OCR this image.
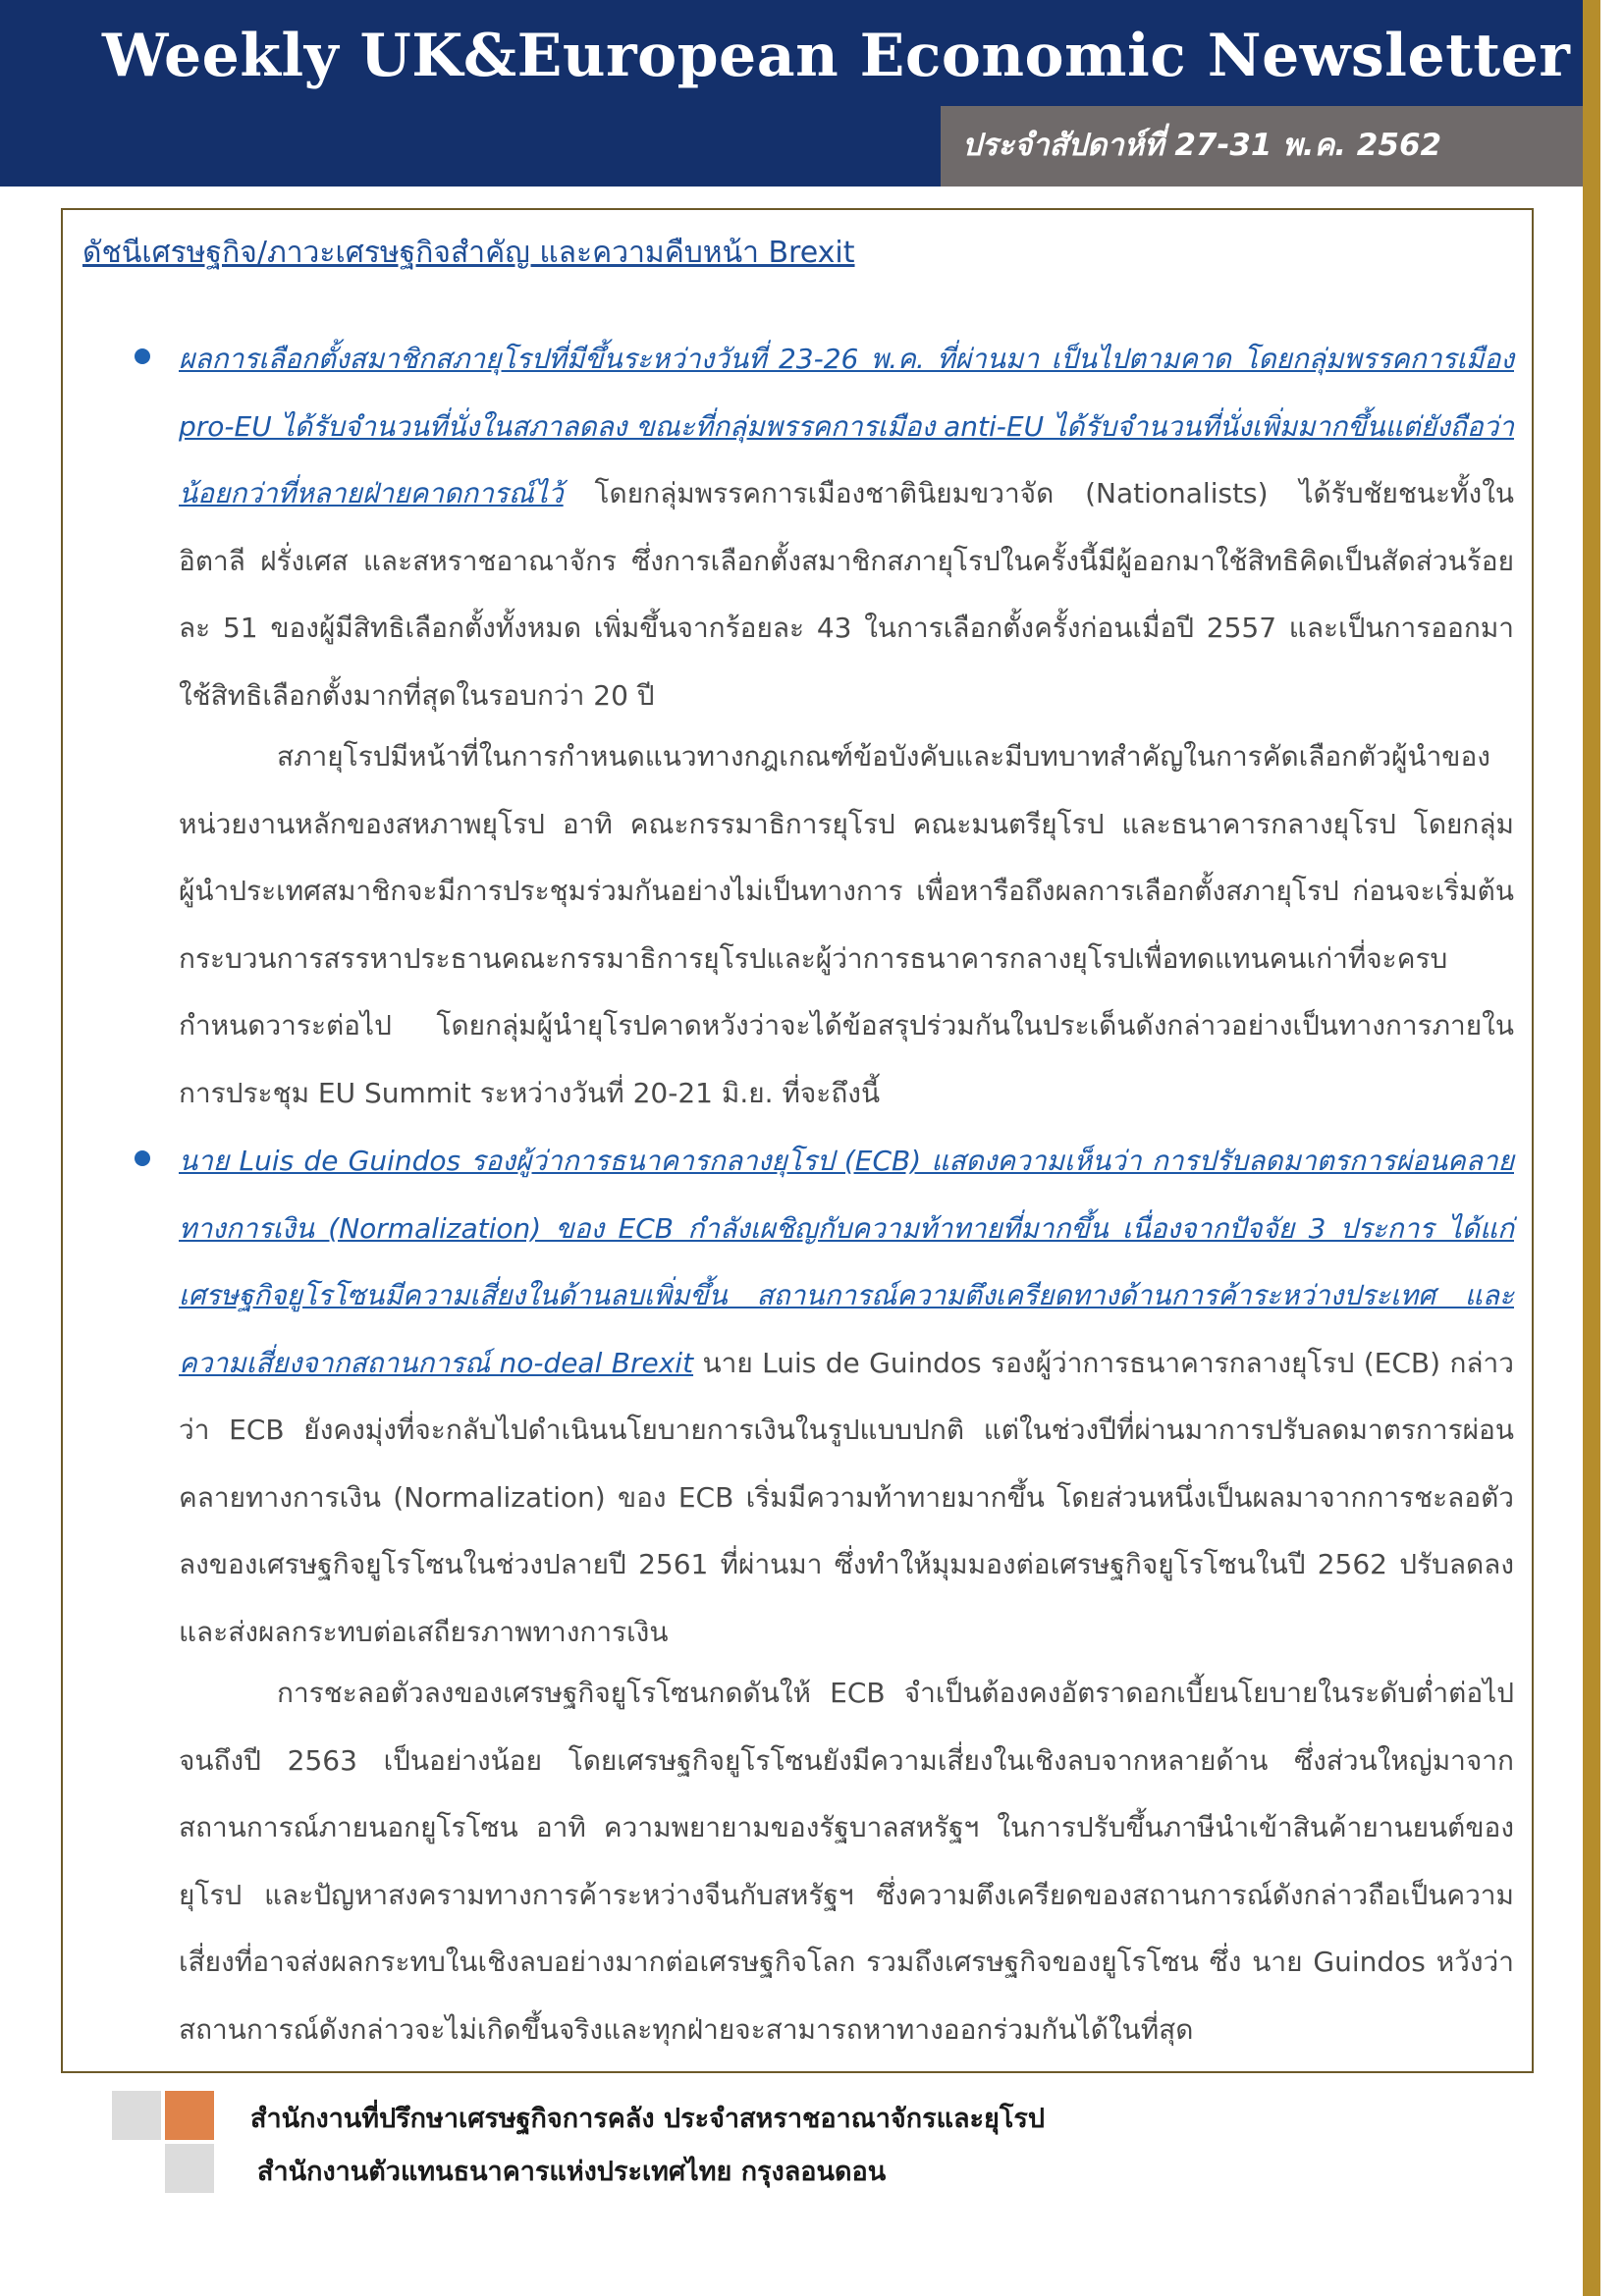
Weekly UK&European Economic Newsletter
ประจำสัปดาห์ที่ 27-31 พ.ค. 2562
ดัชนีเศรษฐกิจ/ภาวะเศรษฐกิจสำคัญ และความคืบหน้า Brexit

ผลการเลือกตั้งสมาชิกสภายุโรปที่มีขึ้นระหว่างวันที่ 23-26 พ.ค. ที่ผ่านมา เป็นไปตามคาด โดยกลุ่มพรรคการเมือง pro-EU ได้รับจำนวนที่นั่งในสภาลดลง ขณะที่กลุ่มพรรคการเมือง anti-EU ได้รับจำนวนที่นั่งเพิ่มมากขึ้นแต่ยังถือว่าน้อยกว่าที่หลายฝ่ายคาดการณ์ไว้ โดยกลุ่มพรรคการเมืองชาตินิยมขวาจัด (Nationalists) ได้รับชัยชนะทั้งใน อิตาลี ฝรั่งเศส และสหราชอาณาจักร ซึ่งการเลือกตั้งสมาชิกสภายุโรปในครั้งนี้มีผู้ออกมาใช้สิทธิคิดเป็นสัดส่วนร้อยละ 51 ของผู้มีสิทธิเลือกตั้งทั้งหมด เพิ่มขึ้นจากร้อยละ 43 ในการเลือกตั้งครั้งก่อนเมื่อปี 2557 และเป็นการออกมาใช้สิทธิเลือกตั้งมากที่สุดในรอบกว่า 20 ปี

สภายุโรปมีหน้าที่ในการกำหนดแนวทางกฎเกณฑ์ข้อบังคับและมีบทบาทสำคัญในการคัดเลือกตัวผู้นำของหน่วยงานหลักของสหภาพยุโรป อาทิ คณะกรรมาธิการยุโรป คณะมนตรียุโรป และธนาคารกลางยุโรป โดยกลุ่มผู้นำประเทศสมาชิกจะมีการประชุมร่วมกันอย่างไม่เป็นทางการ เพื่อหารือถึงผลการเลือกตั้งสภายุโรป ก่อนจะเริ่มต้นกระบวนการสรรหาประธานคณะกรรมาธิการยุโรปและผู้ว่าการธนาคารกลางยุโรปเพื่อทดแทนคนเก่าที่จะครบกำหนดวาระต่อไป โดยกลุ่มผู้นำยุโรปคาดหวังว่าจะได้ข้อสรุปร่วมกันในประเด็นดังกล่าวอย่างเป็นทางการภายในการประชุม EU Summit ระหว่างวันที่ 20-21 มิ.ย. ที่จะถึงนี้

นาย Luis de Guindos รองผู้ว่าการธนาคารกลางยุโรป (ECB) แสดงความเห็นว่า การปรับลดมาตรการผ่อนคลายทางการเงิน (Normalization) ของ ECB กำลังเผชิญกับความท้าทายที่มากขึ้น เนื่องจากปัจจัย 3 ประการ ได้แก่ เศรษฐกิจยูโรโซนมีความเสี่ยงในด้านลบเพิ่มขึ้น สถานการณ์ความตึงเครียดทางด้านการค้าระหว่างประเทศ และความเสี่ยงจากสถานการณ์ no-deal Brexit นาย Luis de Guindos รองผู้ว่าการธนาคารกลางยุโรป (ECB) กล่าวว่า ECB ยังคงมุ่งที่จะกลับไปดำเนินนโยบายการเงินในรูปแบบปกติ แต่ในช่วงปีที่ผ่านมาการปรับลดมาตรการผ่อนคลายทางการเงิน (Normalization) ของ ECB เริ่มมีความท้าทายมากขึ้น โดยส่วนหนึ่งเป็นผลมาจากการชะลอตัวลงของเศรษฐกิจยูโรโซนในช่วงปลายปี 2561 ที่ผ่านมา ซึ่งทำให้มุมมองต่อเศรษฐกิจยูโรโซนในปี 2562 ปรับลดลงและส่งผลกระทบต่อเสถียรภาพทางการเงิน

การชะลอตัวลงของเศรษฐกิจยูโรโซนกดดันให้ ECB จำเป็นต้องคงอัตราดอกเบี้ยนโยบายในระดับต่ำต่อไปจนถึงปี 2563 เป็นอย่างน้อย โดยเศรษฐกิจยูโรโซนยังมีความเสี่ยงในเชิงลบจากหลายด้าน ซึ่งส่วนใหญ่มาจากสถานการณ์ภายนอกยูโรโซน อาทิ ความพยายามของรัฐบาลสหรัฐฯ ในการปรับขึ้นภาษีนำเข้าสินค้ายานยนต์ของยุโรป และปัญหาสงครามทางการค้าระหว่างจีนกับสหรัฐฯ ซึ่งความตึงเครียดของสถานการณ์ดังกล่าวถือเป็นความเสี่ยงที่อาจส่งผลกระทบในเชิงลบอย่างมากต่อเศรษฐกิจโลก รวมถึงเศรษฐกิจของยูโรโซน ซึ่ง นาย Guindos หวังว่าสถานการณ์ดังกล่าวจะไม่เกิดขึ้นจริงและทุกฝ่ายจะสามารถหาทางออกร่วมกันได้ในที่สุด

สำนักงานที่ปรึกษาเศรษฐกิจการคลัง ประจำสหราชอาณาจักรและยุโรป
สำนักงานตัวแทนธนาคารแห่งประเทศไทย กรุงลอนดอน
